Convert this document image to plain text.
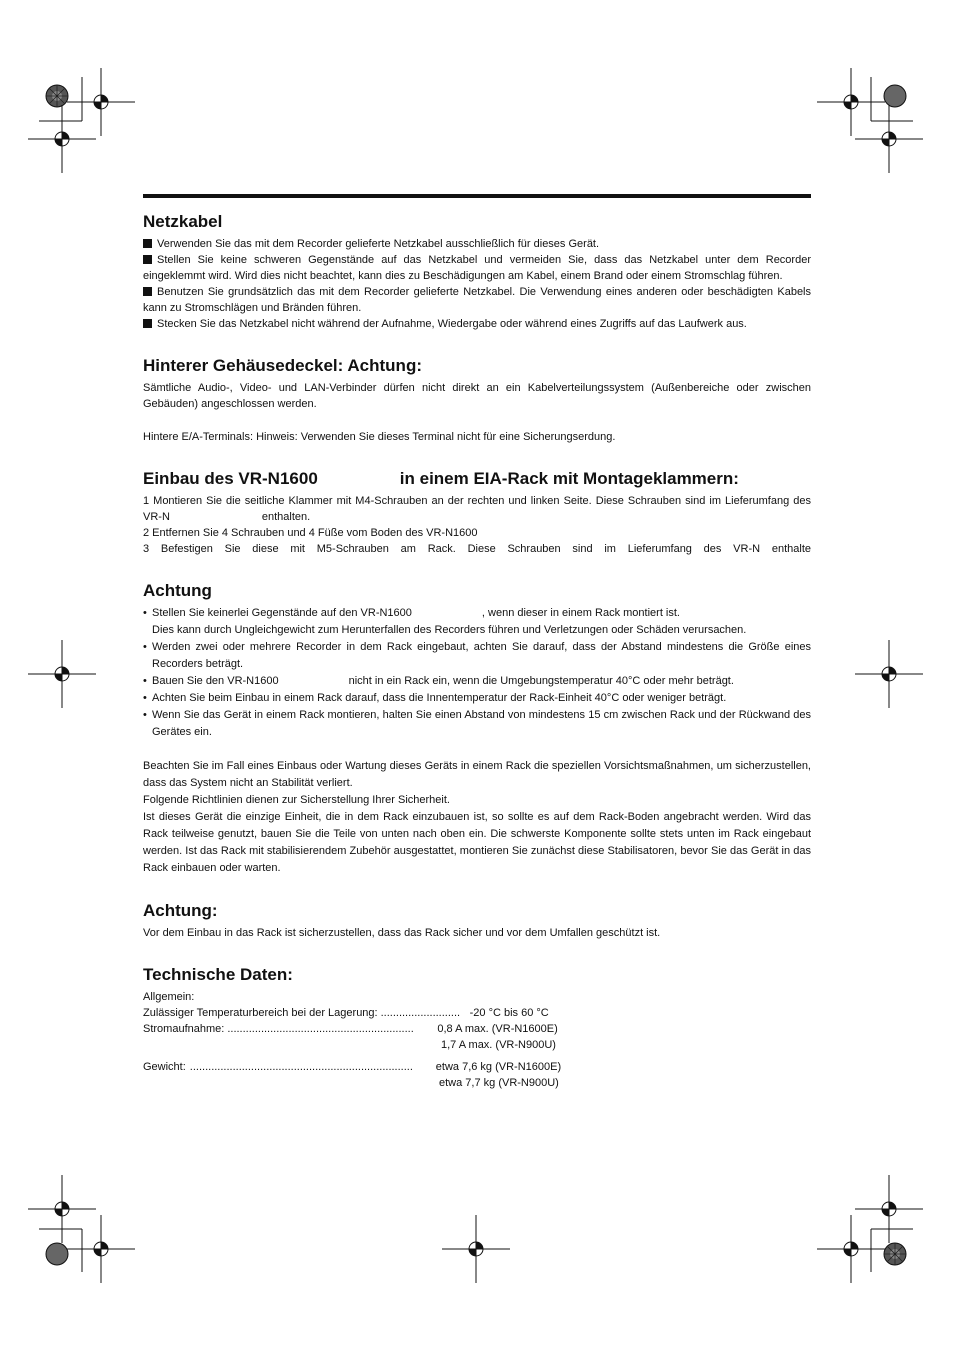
Netzkabel

Verwenden Sie das mit dem Recorder gelieferte Netzkabel ausschließlich für dieses Gerät.

Stellen Sie keine schweren Gegenstände auf das Netzkabel und vermeiden Sie, dass das Netzkabel unter dem Recorder eingeklemmt wird. Wird dies nicht beachtet, kann dies zu Beschädigungen am Kabel, einem Brand oder einem Stromschlag führen.

Benutzen Sie grundsätzlich das mit dem Recorder gelieferte Netzkabel. Die Verwendung eines anderen oder beschädigten Kabels kann zu Stromschlägen und Bränden führen.

Stecken Sie das Netzkabel nicht während der Aufnahme, Wiedergabe oder während eines Zugriffs auf das Laufwerk aus.

Hinterer Gehäusedeckel: Achtung:

Sämtliche Audio-, Video- und LAN-Verbinder dürfen nicht direkt an ein Kabelverteilungssystem (Außenbereiche oder zwischen Gebäuden) angeschlossen werden.

Hintere E/A-Terminals: Hinweis: Verwenden Sie dieses Terminal nicht für eine Sicherungserdung.

Einbau des VR-N1600	in einem EIA-Rack mit Montageklammern:

1 Montieren Sie die seitliche Klammer mit M4-Schrauben an der rechten und linken Seite. Diese Schrauben sind im Lieferumfang des VR-N	enthalten.

2 Entfernen Sie 4 Schrauben und 4 Füße vom Boden des VR-N1600

3 Befestigen Sie diese mit M5-Schrauben am Rack. Diese Schrauben sind im Lieferumfang des VR-N enthalte

Achtung
• Stellen Sie keinerlei Gegenstände auf den VR-N1600	, wenn dieser in einem Rack montiert ist.
Dies kann durch Ungleichgewicht zum Herunterfallen des Recorders führen und Verletzungen oder Schäden verursachen.
• Werden zwei oder mehrere Recorder in dem Rack eingebaut, achten Sie darauf, dass der Abstand mindestens die Größe eines Recorders beträgt.
• Bauen Sie den VR-N1600	nicht in ein Rack ein, wenn die Umgebungstemperatur 40°C oder mehr beträgt.
• Achten Sie beim Einbau in einem Rack darauf, dass die Innentemperatur der Rack-Einheit 40°C oder weniger beträgt.
• Wenn Sie das Gerät in einem Rack montieren, halten Sie einen Abstand von mindestens 15 cm zwischen Rack und der Rückwand des Gerätes ein.

Beachten Sie im Fall eines Einbaus oder Wartung dieses Geräts in einem Rack die speziellen Vorsichtsmaßnahmen, um sicherzustellen, dass das System nicht an Stabilität verliert.

Folgende Richtlinien dienen zur Sicherstellung Ihrer Sicherheit.

Ist dieses Gerät die einzige Einheit, die in dem Rack einzubauen ist, so sollte es auf dem Rack-Boden angebracht werden. Wird das Rack teilweise genutzt, bauen Sie die Teile von unten nach oben ein. Die schwerste Komponente sollte stets unten im Rack eingebaut werden. Ist das Rack mit stabilisierendem Zubehör ausgestattet, montieren Sie zunächst diese Stabilisatoren, bevor Sie das Gerät in das Rack einbauen oder warten.

Achtung:

Vor dem Einbau in das Rack ist sicherzustellen, dass das Rack sicher und vor dem Umfallen geschützt ist.

Technische Daten:
Allgemein:
Zulässiger Temperaturbereich bei der Lagerung: .......................... -20 °C bis 60 °C
Stromaufnahme: .............................................................	0,8 A max. (VR-N1600E)
1,7 A max. (VR-N900U)
Gewicht: .........................................................................	etwa 7,6 kg (VR-N1600E)
etwa 7,7 kg (VR-N900U)
